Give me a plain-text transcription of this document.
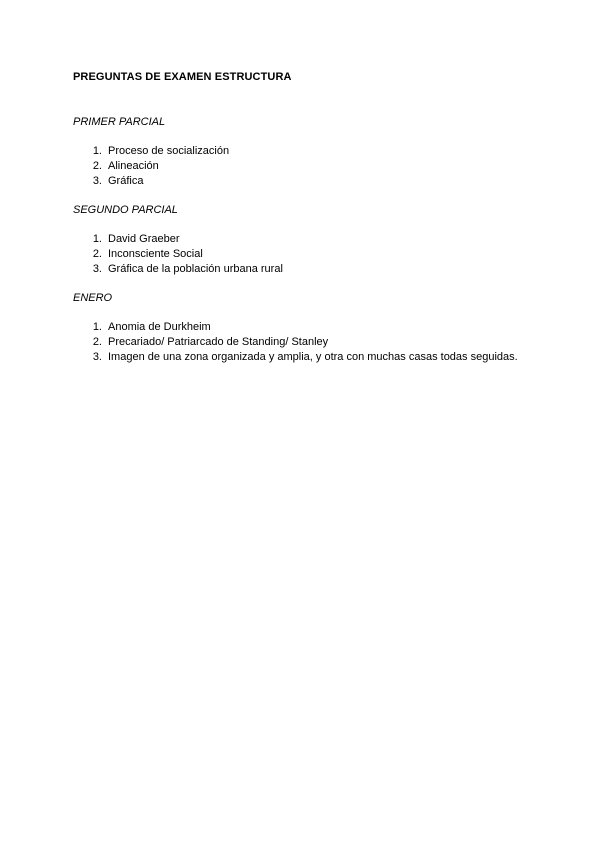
PREGUNTAS DE EXAMEN ESTRUCTURA
PRIMER PARCIAL
1. Proceso de socialización
2. Alineación
3. Gráfica
SEGUNDO PARCIAL
1. David Graeber
2. Inconsciente Social
3. Gráfica de la población urbana rural
ENERO
1. Anomia de Durkheim
2. Precariado/ Patriarcado de Standing/ Stanley
3. Imagen de una zona organizada y amplia, y otra con muchas casas todas seguidas.
